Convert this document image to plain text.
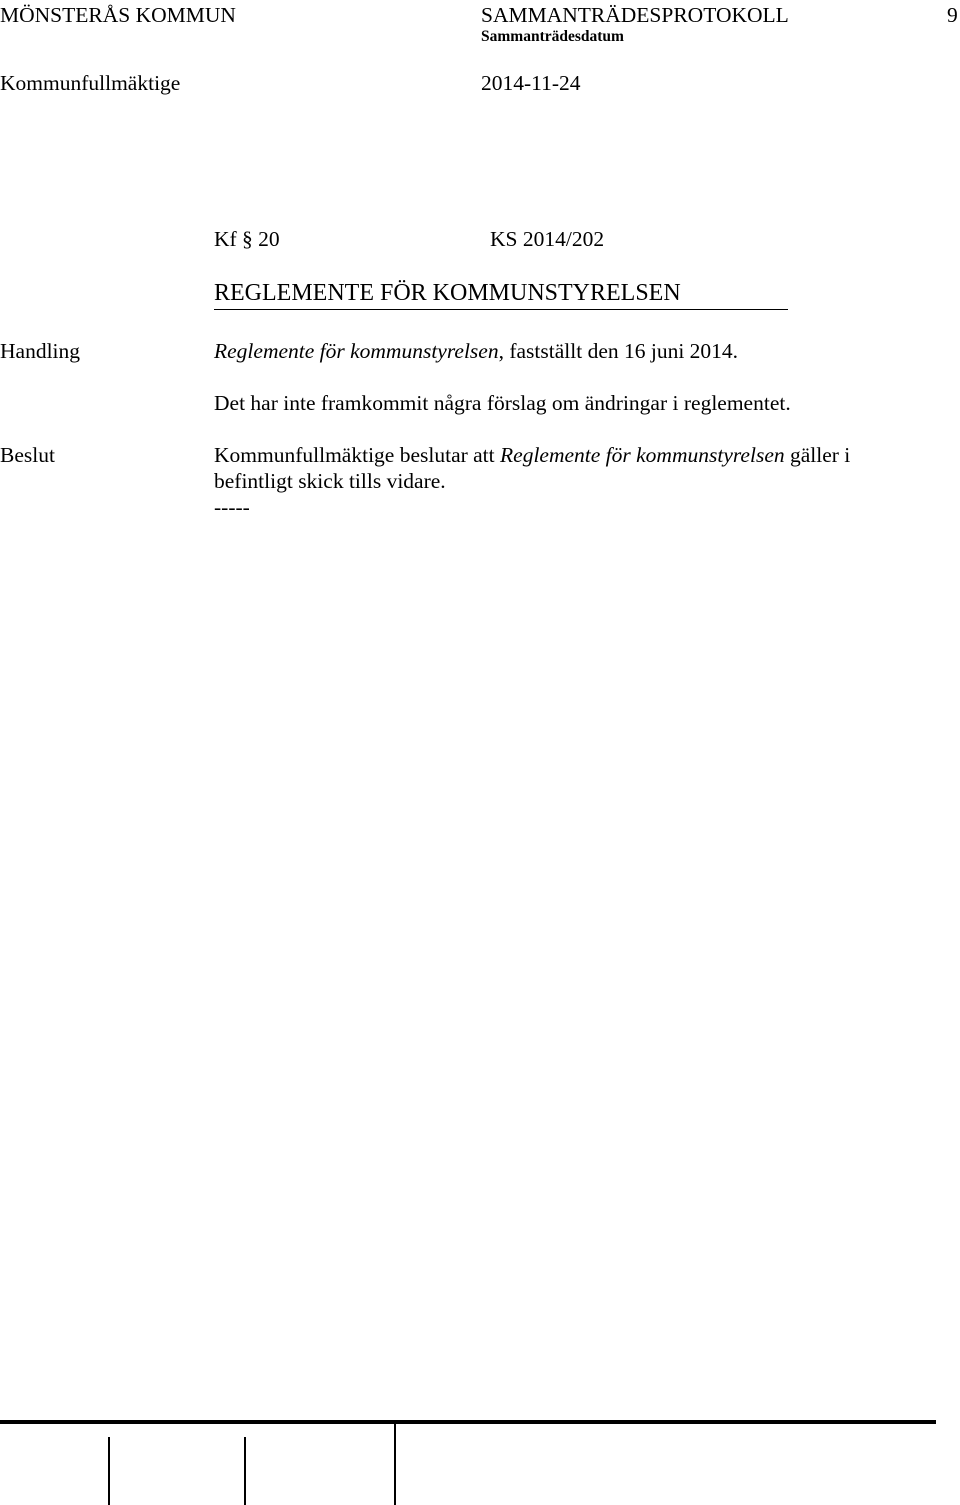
MÖNSTERÅS KOMMUN	SAMMANTRÄDESPROTOKOLL	9
Sammanträdesdatum
Kommunfullmäktige	2014-11-24
Kf § 20	KS 2014/202
REGLEMENTE FÖR KOMMUNSTYRELSEN
Handling	Reglemente för kommunstyrelsen, fastställt den 16 juni 2014.
Det har inte framkommit några förslag om ändringar i reglementet.
Beslut	Kommunfullmäktige beslutar att Reglemente för kommunstyrelsen gäller i
befintligt skick tills vidare.
-----
